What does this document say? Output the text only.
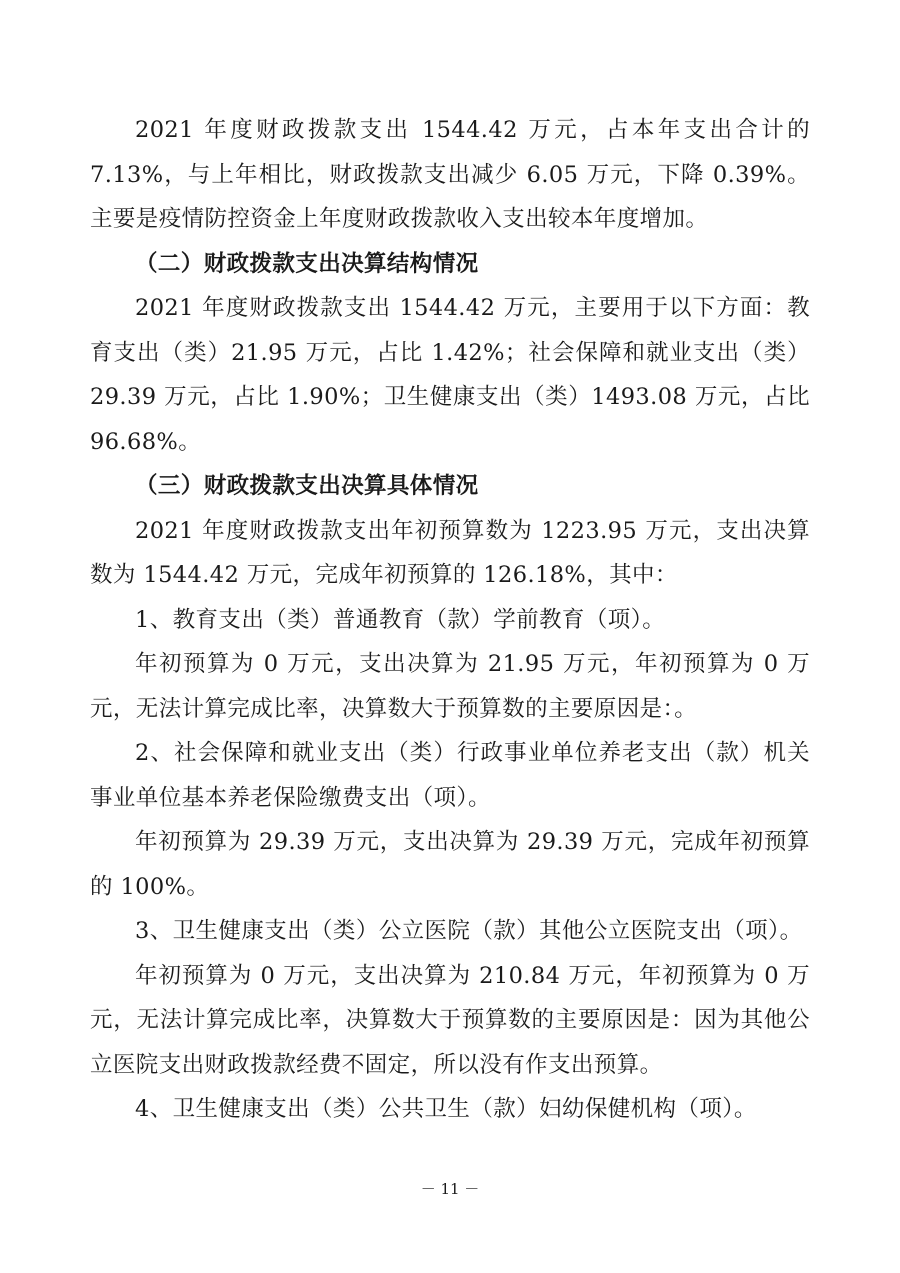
2021 年度财政拨款支出 1544.42 万元，占本年支出合计的 7.13%，与上年相比，财政拨款支出减少 6.05 万元，下降 0.39%。主要是疫情防控资金上年度财政拨款收入支出较本年度增加。

（二）财政拨款支出决算结构情况

2021 年度财政拨款支出 1544.42 万元，主要用于以下方面：教育支出（类）21.95 万元，占比 1.42%；社会保障和就业支出（类）29.39 万元，占比 1.90%；卫生健康支出（类）1493.08 万元，占比 96.68%。

（三）财政拨款支出决算具体情况

2021 年度财政拨款支出年初预算数为 1223.95 万元，支出决算数为 1544.42 万元，完成年初预算的 126.18%，其中：

1、教育支出（类）普通教育（款）学前教育（项）。

年初预算为 0 万元，支出决算为 21.95 万元，年初预算为 0 万元，无法计算完成比率，决算数大于预算数的主要原因是：。

2、社会保障和就业支出（类）行政事业单位养老支出（款）机关事业单位基本养老保险缴费支出（项）。

年初预算为 29.39 万元，支出决算为 29.39 万元，完成年初预算的 100%。

3、卫生健康支出（类）公立医院（款）其他公立医院支出（项）。

年初预算为 0 万元，支出决算为 210.84 万元，年初预算为 0 万元，无法计算完成比率，决算数大于预算数的主要原因是：因为其他公立医院支出财政拨款经费不固定，所以没有作支出预算。

4、卫生健康支出（类）公共卫生（款）妇幼保健机构（项）。

－ 11 －
